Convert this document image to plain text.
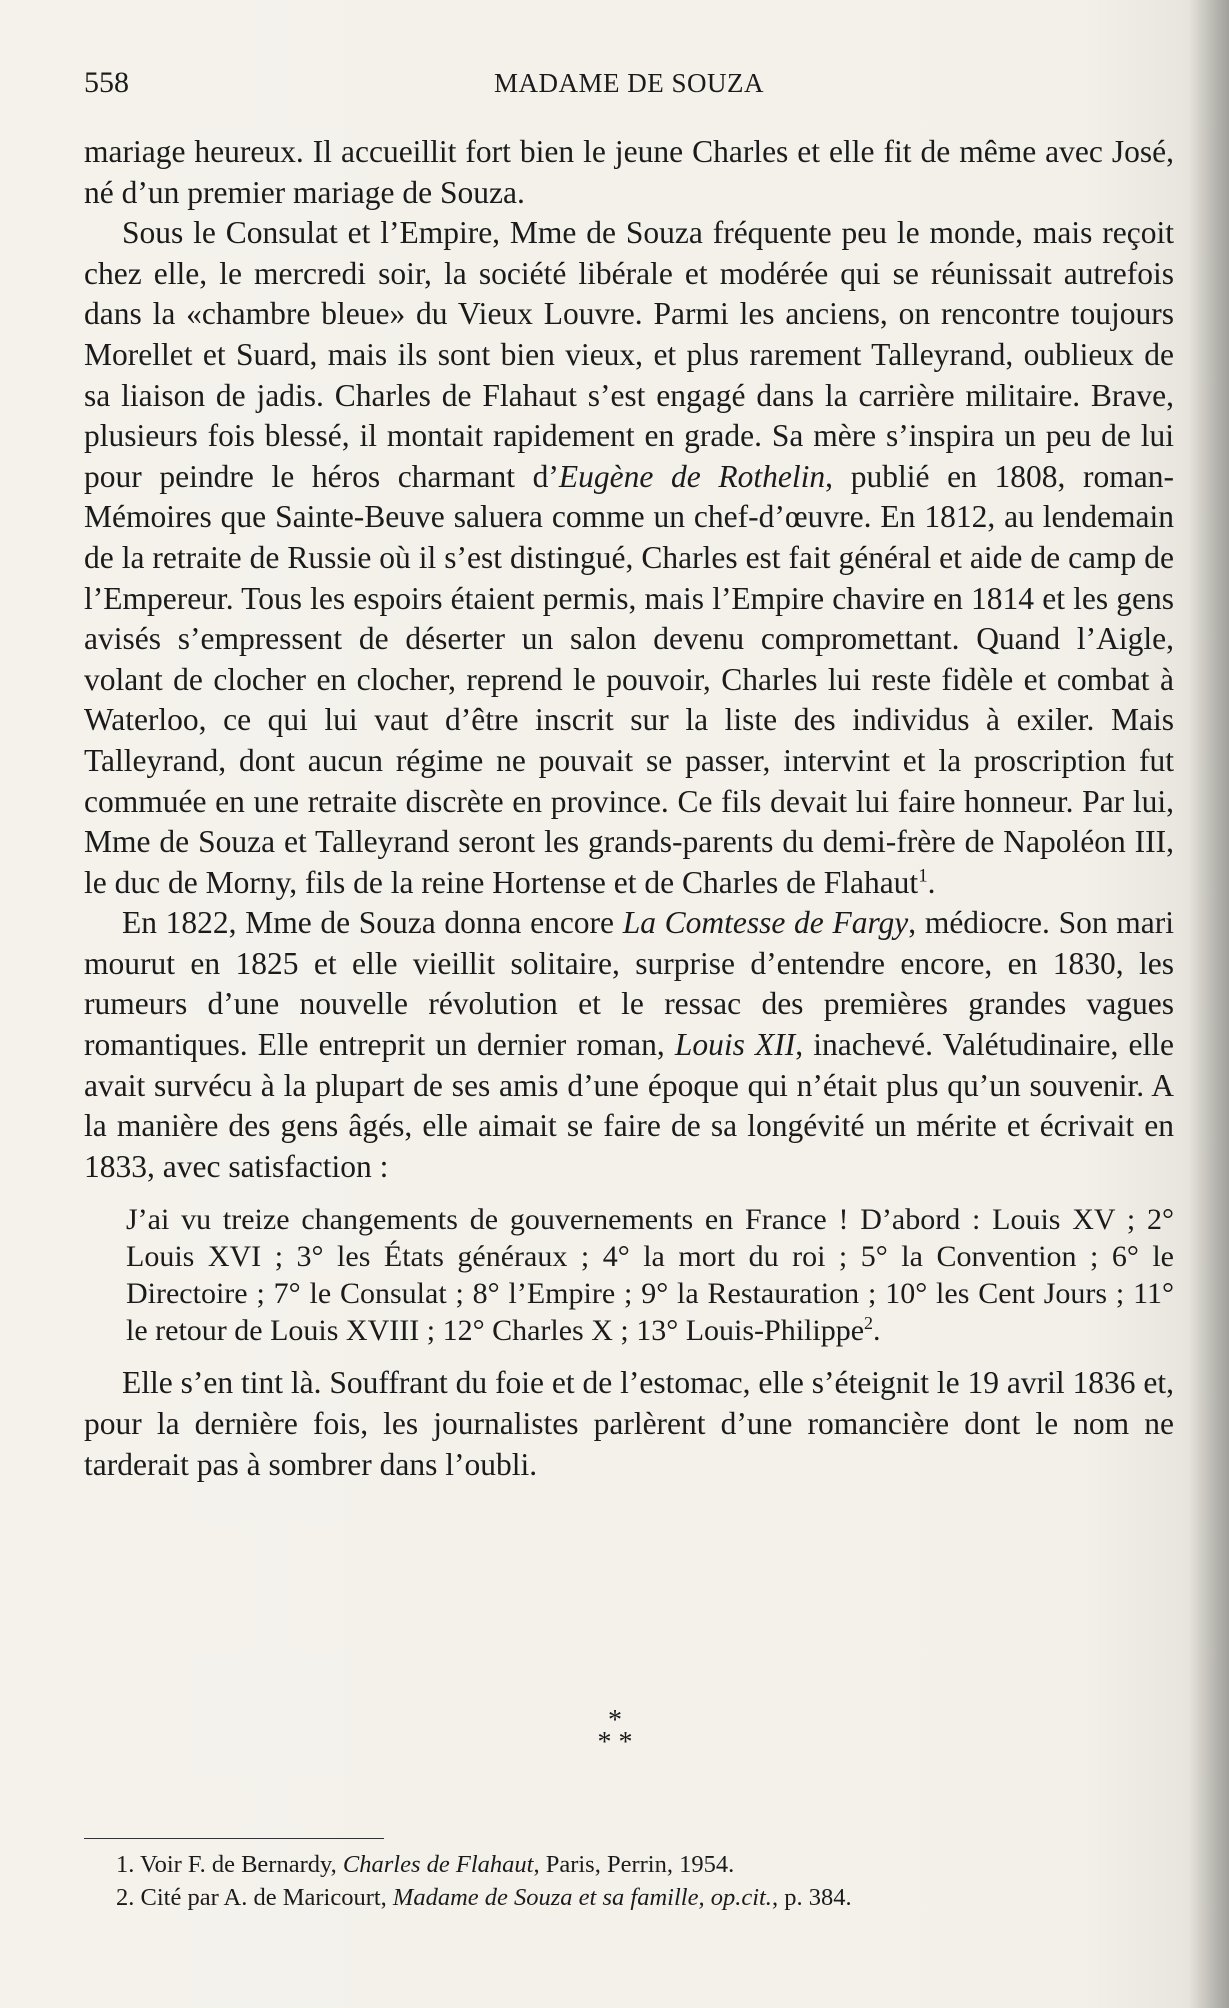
558	MADAME DE SOUZA

mariage heureux. Il accueillit fort bien le jeune Charles et elle fit de même avec José, né d’un premier mariage de Souza.

Sous le Consulat et l’Empire, Mme de Souza fréquente peu le monde, mais reçoit chez elle, le mercredi soir, la société libérale et modérée qui se réunissait autrefois dans la «chambre bleue» du Vieux Louvre. Parmi les anciens, on rencontre toujours Morellet et Suard, mais ils sont bien vieux, et plus rarement Talleyrand, oublieux de sa liaison de jadis. Charles de Flahaut s’est engagé dans la carrière militaire. Brave, plusieurs fois blessé, il montait rapidement en grade. Sa mère s’inspira un peu de lui pour peindre le héros charmant d’Eugène de Rothelin, publié en 1808, roman-Mémoires que Sainte-Beuve saluera comme un chef-d’œuvre. En 1812, au lendemain de la retraite de Russie où il s’est distingué, Charles est fait général et aide de camp de l’Empereur. Tous les espoirs étaient permis, mais l’Empire chavire en 1814 et les gens avisés s’empressent de déserter un salon devenu compromettant. Quand l’Aigle, volant de clocher en clocher, reprend le pouvoir, Charles lui reste fidèle et combat à Waterloo, ce qui lui vaut d’être inscrit sur la liste des individus à exiler. Mais Talleyrand, dont aucun régime ne pouvait se passer, intervint et la proscription fut commuée en une retraite discrète en province. Ce fils devait lui faire honneur. Par lui, Mme de Souza et Talleyrand seront les grands-parents du demi-frère de Napoléon III, le duc de Morny, fils de la reine Hortense et de Charles de Flahaut$^1$.

En 1822, Mme de Souza donna encore La Comtesse de Fargy, médiocre. Son mari mourut en 1825 et elle vieillit solitaire, surprise d’entendre encore, en 1830, les rumeurs d’une nouvelle révolution et le ressac des premières grandes vagues romantiques. Elle entreprit un dernier roman, Louis XII, inachevé. Valétudinaire, elle avait survécu à la plupart de ses amis d’une époque qui n’était plus qu’un souvenir. A la manière des gens âgés, elle aimait se faire de sa longévité un mérite et écrivait en 1833, avec satisfaction :

J’ai vu treize changements de gouvernements en France ! D’abord : Louis XV ; 2° Louis XVI ; 3° les États généraux ; 4° la mort du roi ; 5° la Convention ; 6° le Directoire ; 7° le Consulat ; 8° l’Empire ; 9° la Restauration ; 10° les Cent Jours ; 11° le retour de Louis XVIII ; 12° Charles X ; 13° Louis-Philippe$^2$.

Elle s’en tint là. Souffrant du foie et de l’estomac, elle s’éteignit le 19 avril 1836 et, pour la dernière fois, les journalistes parlèrent d’une romancière dont le nom ne tarderait pas à sombrer dans l’oubli.

*
* *
1. Voir F. de Bernardy, Charles de Flahaut, Paris, Perrin, 1954.
2. Cité par A. de Maricourt, Madame de Souza et sa famille, op.cit., p. 384.
